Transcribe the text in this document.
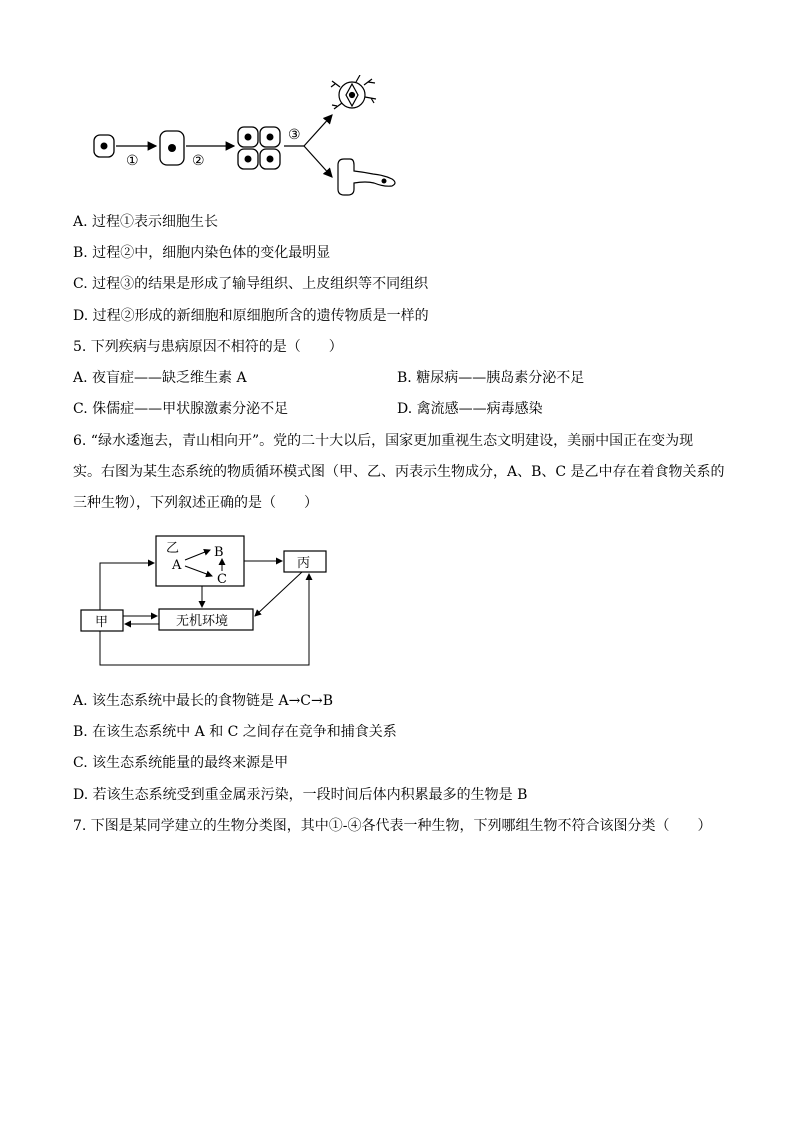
①	②
③
A. 过程①表示细胞生长
B. 过程②中，细胞内染色体的变化最明显
C. 过程③的结果是形成了输导组织、上皮组织等不同组织
D. 过程②形成的新细胞和原细胞所含的遗传物质是一样的
5. 下列疾病与患病原因不相符的是（　　）
A. 夜盲症——缺乏维生素 A	B. 糖尿病——胰岛素分泌不足
C. 侏儒症——甲状腺激素分泌不足	D. 禽流感——病毒感染
6. “绿水逶迤去，青山相向开”。党的二十大以后，国家更加重视生态文明建设，美丽中国正在变为现
实。右图为某生态系统的物质循环模式图（甲、乙、丙表示生物成分，A、B、C 是乙中存在着食物关系的
三种生物），下列叙述正确的是（　　）
乙
A
B
C
丙
甲	无机环境
A. 该生态系统中最长的食物链是 A→C→B
B. 在该生态系统中 A 和 C 之间存在竞争和捕食关系
C. 该生态系统能量的最终来源是甲
D. 若该生态系统受到重金属汞污染，一段时间后体内积累最多的生物是 B
7. 下图是某同学建立的生物分类图，其中①-④各代表一种生物，下列哪组生物不符合该图分类（　　）
